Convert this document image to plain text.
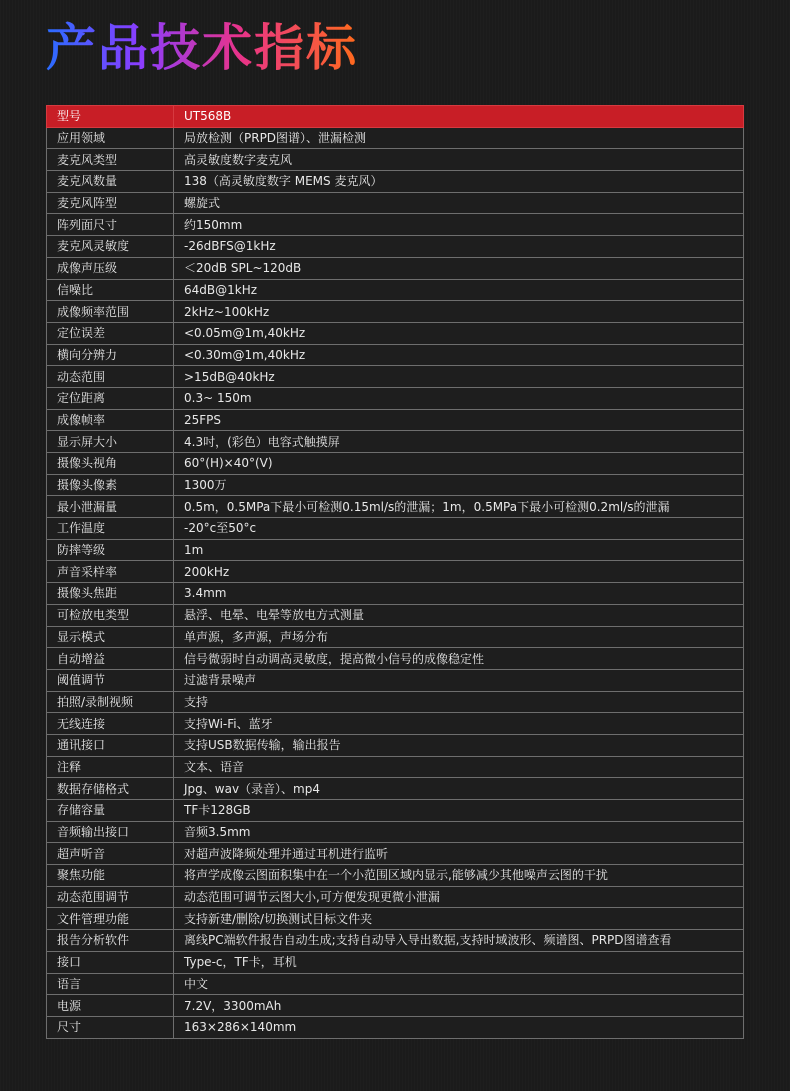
产品技术指标
型号	UT568B
应用领域	局放检测（PRPD图谱）、泄漏检测
麦克风类型	高灵敏度数字麦克风
麦克风数量	138（高灵敏度数字 MEMS 麦克风）
麦克风阵型	螺旋式
阵列面尺寸	约150mm
麦克风灵敏度	-26dBFS@1kHz
成像声压级	＜20dB SPL~120dB
信噪比	64dB@1kHz
成像频率范围	2kHz~100kHz
定位误差	<0.05m@1m,40kHz
横向分辨力	<0.30m@1m,40kHz
动态范围	>15dB@40kHz
定位距离	0.3~ 150m
成像帧率	25FPS
显示屏大小	4.3吋，(彩色）电容式触摸屏
摄像头视角	60°(H)×40°(V)
摄像头像素	1300万
最小泄漏量	0.5m，0.5MPa下最小可检测0.15ml/s的泄漏；1m，0.5MPa下最小可检测0.2ml/s的泄漏
工作温度	-20°c至50°c
防摔等级	1m
声音采样率	200kHz
摄像头焦距	3.4mm
可检放电类型	悬浮、电晕、电晕等放电方式测量
显示模式	单声源，多声源，声场分布
自动增益	信号微弱时自动调高灵敏度，提高微小信号的成像稳定性
阈值调节	过滤背景噪声
拍照/录制视频	支持
无线连接	支持Wi-Fi、蓝牙
通讯接口	支持USB数据传输，输出报告
注释	文本、语音
数据存储格式	Jpg、wav（录音）、mp4
存储容量	TF卡128GB
音频输出接口	音频3.5mm
超声听音	对超声波降频处理并通过耳机进行监听
聚焦功能	将声学成像云图面积集中在一个小范围区域内显示,能够减少其他噪声云图的干扰
动态范围调节	动态范围可调节云图大小,可方便发现更微小泄漏
文件管理功能	支持新建/删除/切换测试目标文件夹
报告分析软件	离线PC端软件报告自动生成;支持自动导入导出数据,支持时域波形、频谱图、PRPD图谱查看
接口	Type-c，TF卡，耳机
语言	中文
电源	7.2V，3300mAh
尺寸	163×286×140mm
